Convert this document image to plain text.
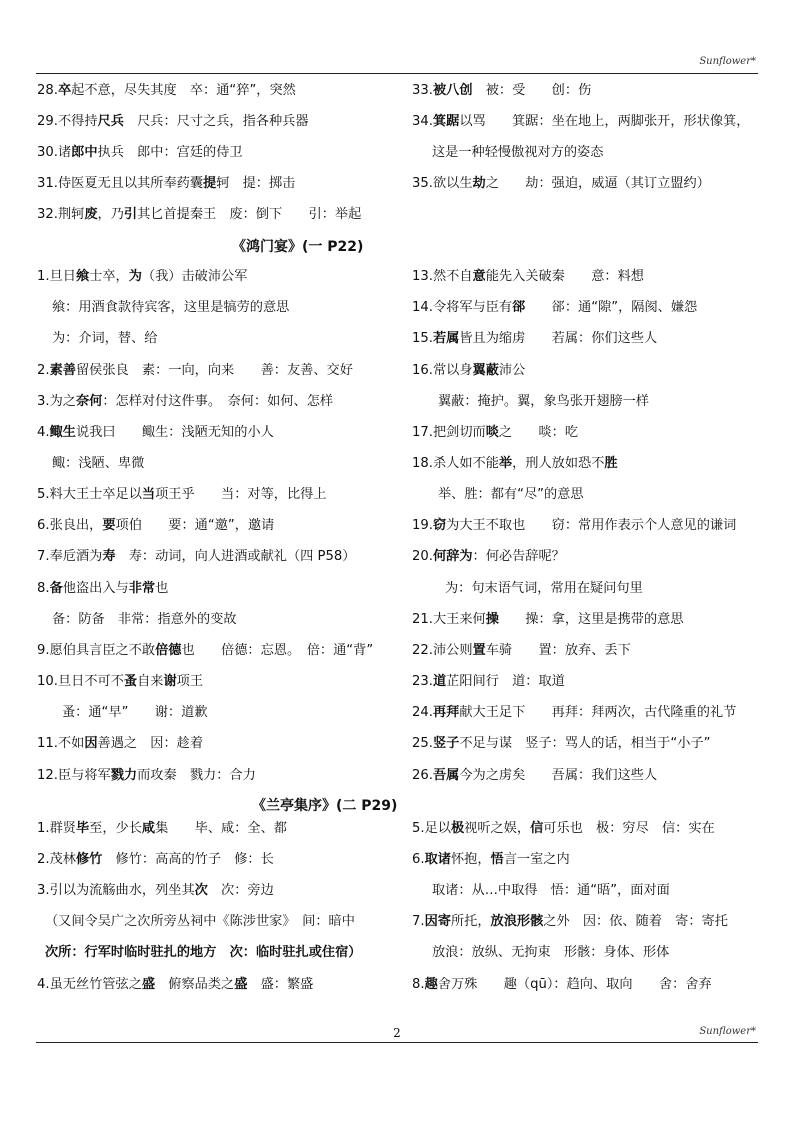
Sunflower*
28.卒起不意，尽失其度　卒：通“猝”，突然
29.不得持尺兵　尺兵：尺寸之兵，指各种兵器
30.诸郎中执兵　郎中：宫廷的侍卫
31.侍医夏无且以其所奉药囊提轲　提：掷击
32.荆轲废，乃引其匕首提秦王　废：倒下　　引：举起
33.被八创　被：受　　创：伤
34.箕踞以骂　　箕踞：坐在地上，两脚张开，形状像箕，
这是一种轻慢傲视对方的姿态
35.欲以生劫之　　劫：强迫，威逼（其订立盟约）
《鸿门宴》(一 P22)
1.旦日飨士卒，为（我）击破沛公军
飨：用酒食款待宾客，这里是犒劳的意思
为：介词，替、给
2.素善留侯张良　素：一向，向来　　善：友善、交好
3.为之奈何：怎样对付这件事。　奈何：如何、怎样
4.鲰生说我曰　　鲰生：浅陋无知的小人
鲰：浅陋、卑微
5.料大王士卒足以当项王乎　　当：对等，比得上
6.张良出，要项伯　　要：通“邀”，邀请
7.奉卮酒为寿　寿：动词，向人进酒或献礼（四 P58）
8.备他盗出入与非常也
备：防备　非常：指意外的变故
9.愿伯具言臣之不敢倍德也　　倍德：忘恩。　倍：通“背”
10.旦日不可不蚤自来谢项王
蚤：通“早”　　谢：道歉
11.不如因善遇之　因：趁着
12.臣与将军戮力而攻秦　戮力：合力
13.然不自意能先入关破秦　　意：料想
14.令将军与臣有郤　　郤：通“隙”，隔阂、嫌怨
15.若属皆且为缩虏　　若属：你们这些人
16.常以身翼蔽沛公
翼蔽：掩护。翼，象鸟张开翅膀一样
17.把剑切而啖之　　啖：吃
18.杀人如不能举，刑人放如恐不胜
举、胜：都有“尽”的意思
19.窃为大王不取也　　窃：常用作表示个人意见的谦词
20.何辞为：何必告辞呢？
为：句末语气词，常用在疑问句里
21.大王来何操　　操：拿，这里是携带的意思
22.沛公则置车骑　　置：放弃、丢下
23.道芷阳间行　道：取道
24.再拜献大王足下　　再拜：拜两次，古代隆重的礼节
25.竖子不足与谋　竖子：骂人的话，相当于“小子”
26.吾属今为之虏矣　　吾属：我们这些人
《兰亭集序》(二 P29)
1.群贤毕至，少长咸集　　毕、咸：全、都
2.茂林修竹　修竹：高高的竹子　修：长
3.引以为流觞曲水，列坐其次　次：旁边
（又间令吴广之次所旁丛祠中《陈涉世家》　间：暗中
次所：行军时临时驻扎的地方　次：临时驻扎或住宿）
4.虽无丝竹管弦之盛　俯察品类之盛　盛：繁盛
5.足以极视听之娱，信可乐也　极：穷尽　信：实在
6.取诸怀抱，悟言一室之内
取诸：从…中取得　悟：通“晤”，面对面
7.因寄所托，放浪形骸之外　因：依、随着　寄：寄托
放浪：放纵、无拘束　形骸：身体、形体
8.趣舍万殊　　趣（qū）：趋向、取向　　舍：舍弃
2	Sunflower*
